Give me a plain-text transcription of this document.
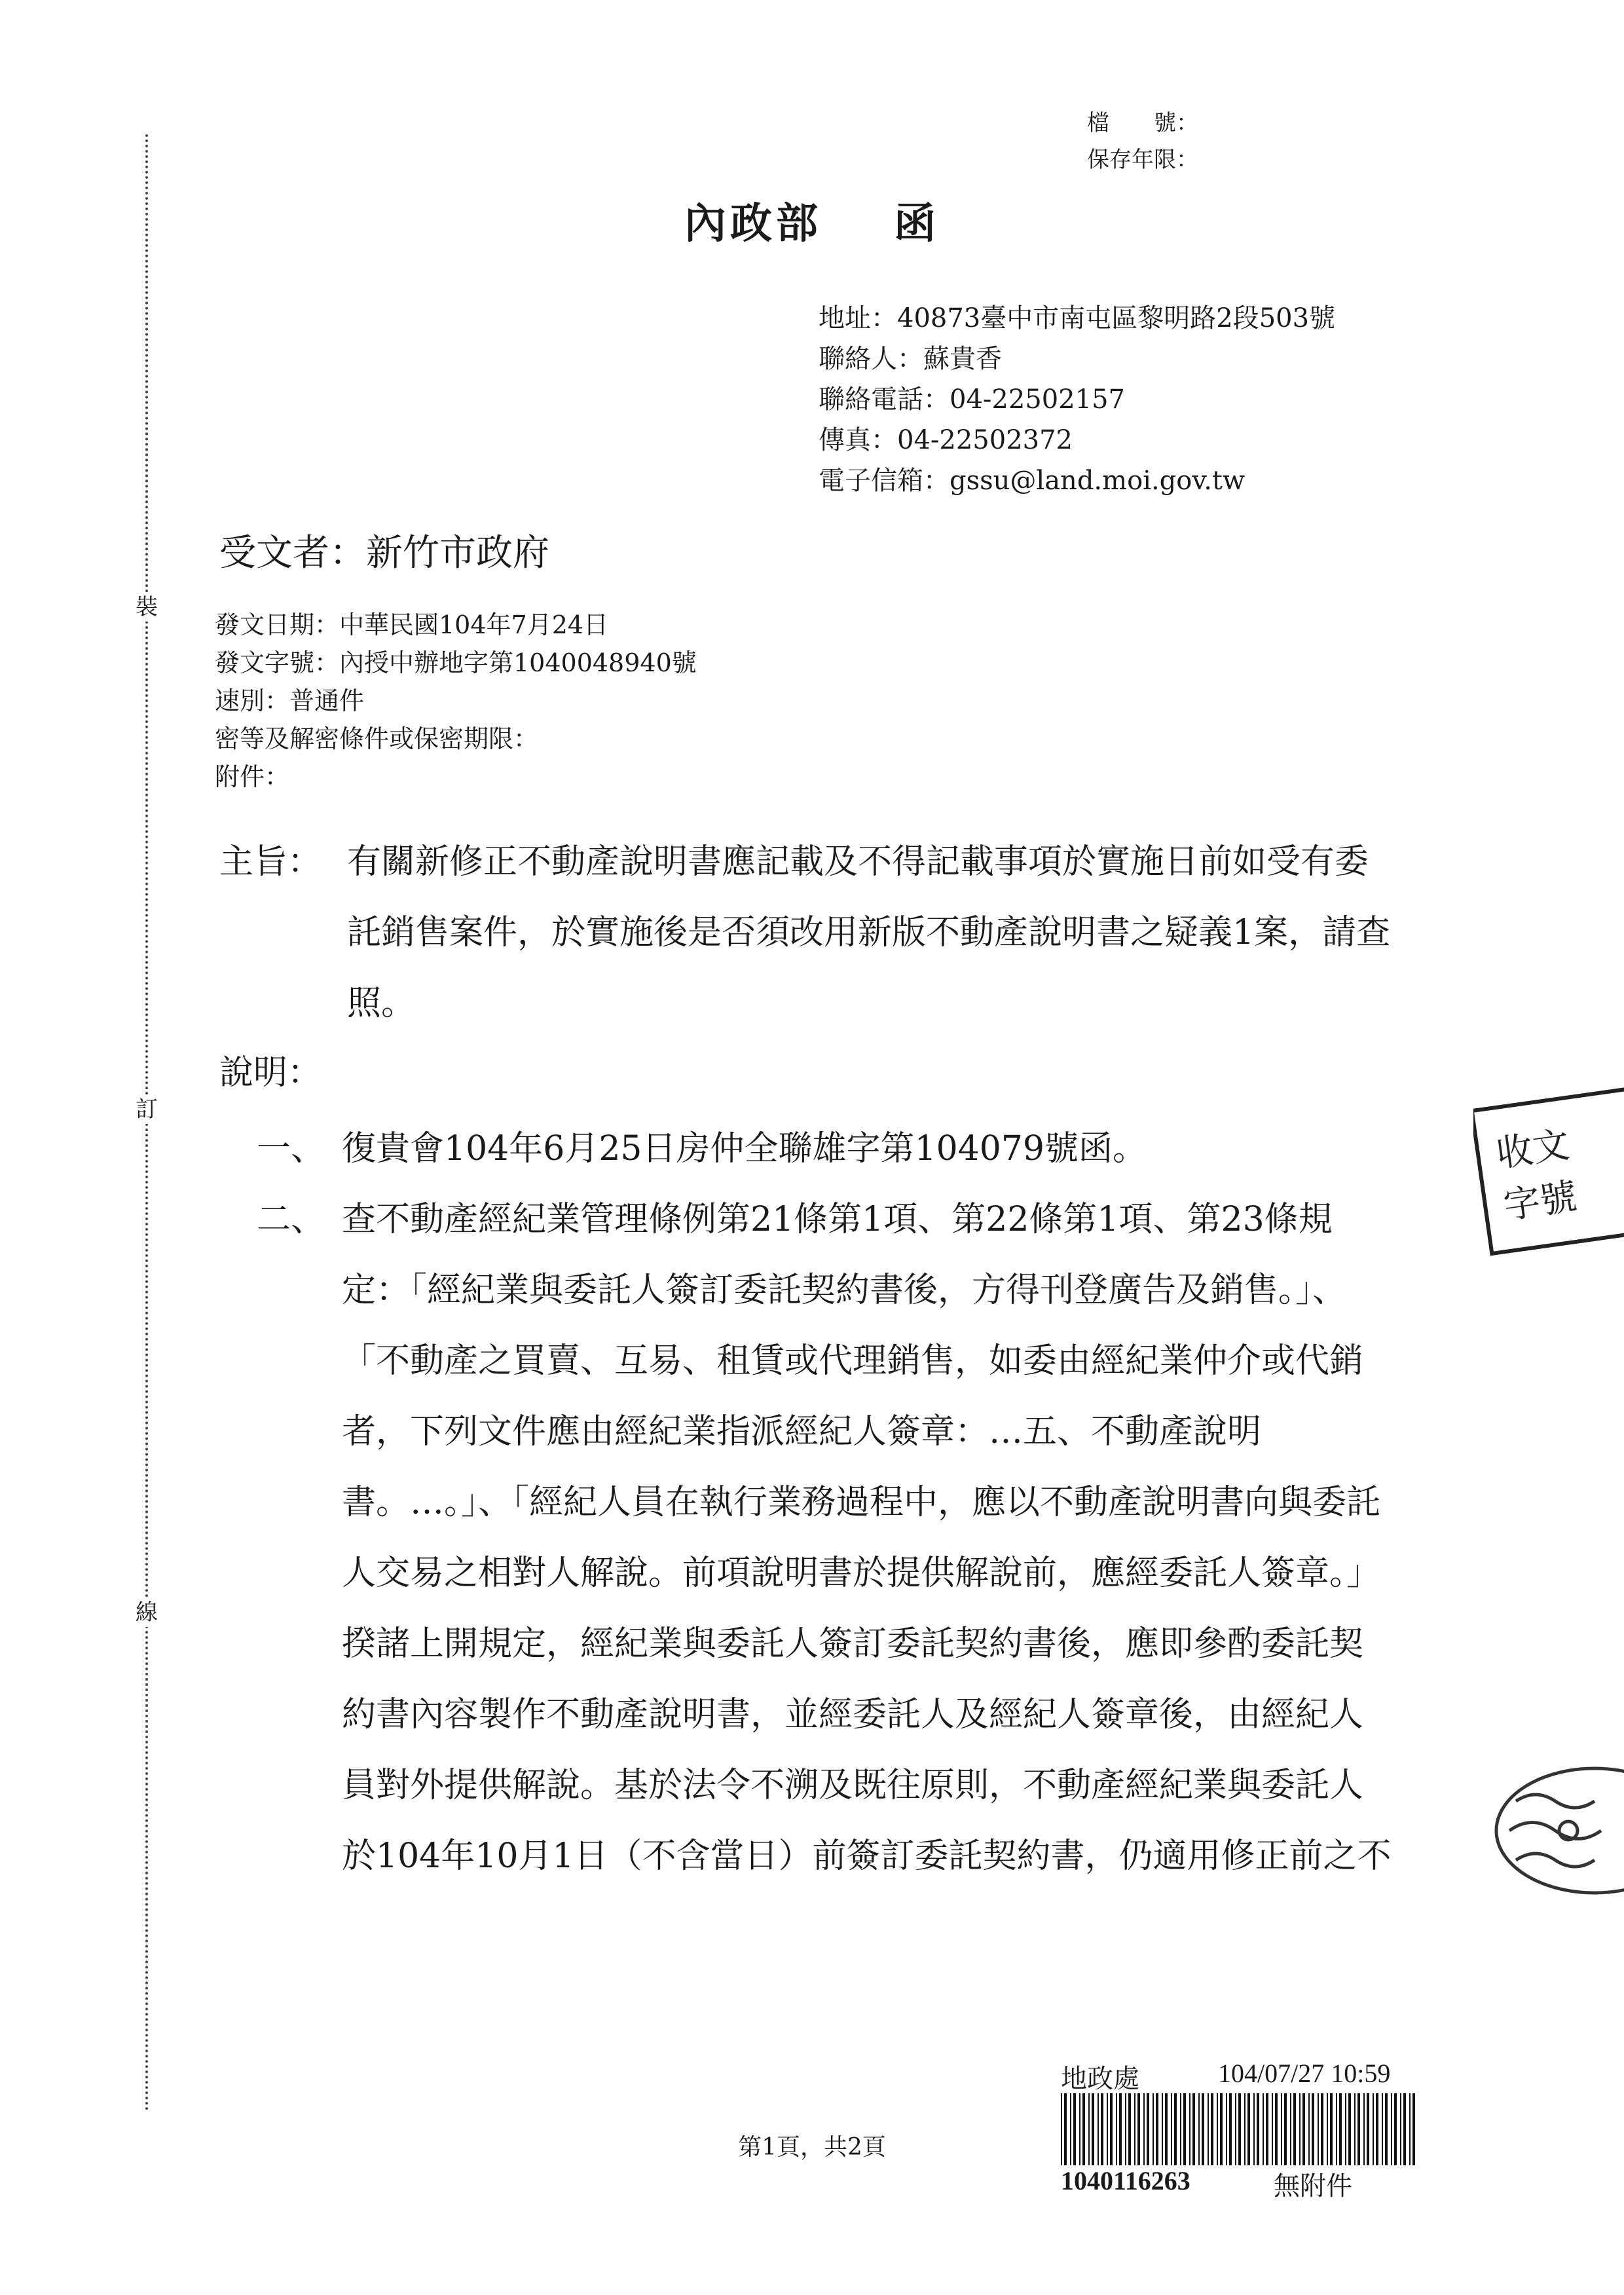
裝
訂
線
檔　　號：
保存年限：
內政部 函
地址：40873臺中市南屯區黎明路2段503號
聯絡人：蘇貴香
聯絡電話：04-22502157
傳真：04-22502372
電子信箱：gssu@land.moi.gov.tw
受文者：新竹市政府
發文日期：中華民國104年7月24日
發文字號：內授中辦地字第1040048940號
速別：普通件
密等及解密條件或保密期限：
附件：
主旨： 有關新修正不動產說明書應記載及不得記載事項於實施日前如受有委託銷售案件，於實施後是否須改用新版不動產說明書之疑義1案，請查照。
說明：
一、 復貴會104年6月25日房仲全聯雄字第104079號函。
二、 查不動產經紀業管理條例第21條第1項、第22條第1項、第23條規定：「經紀業與委託人簽訂委託契約書後，方得刊登廣告及銷售。」、「不動產之買賣、互易、租賃或代理銷售，如委由經紀業仲介或代銷者，下列文件應由經紀業指派經紀人簽章：…五、不動產說明書。…。」、「經紀人員在執行業務過程中，應以不動產說明書向與委託人交易之相對人解說。前項說明書於提供解說前，應經委託人簽章。」揆諸上開規定，經紀業與委託人簽訂委託契約書後，應即參酌委託契約書內容製作不動產說明書，並經委託人及經紀人簽章後，由經紀人員對外提供解說。基於法令不溯及既往原則，不動產經紀業與委託人於104年10月1日（不含當日）前簽訂委託契約書，仍適用修正前之不
收文
字號
第1頁，共2頁
地政處	104/07/27 10:59
1040116263	無附件
